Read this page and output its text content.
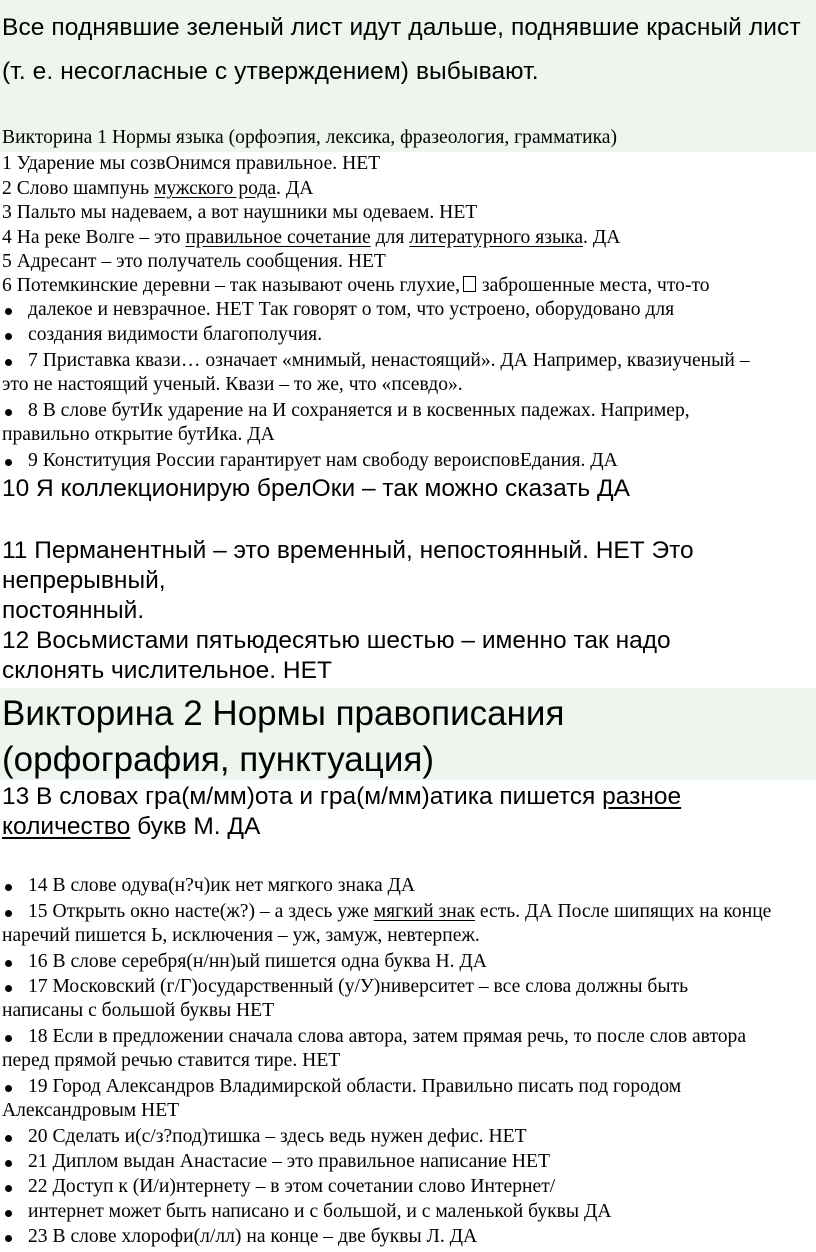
Все поднявшие зеленый лист идут дальше, поднявшие красный лист (т. е. несогласные с утверждением) выбывают.
Викторина 1 Нормы языка (орфоэпия, лексика, фразеология, грамматика)
1 Ударение мы созвОнимся правильное. НЕТ
2 Слово шампунь мужского рода. ДА
3 Пальто мы надеваем, а вот наушники мы одеваем. НЕТ
4 На реке Волге – это правильное сочетание для литературного языка. ДА
5 Адресант – это получатель сообщения. НЕТ
6 Потемкинские деревни – так называют очень глухие, заброшенные места, что-то
далекое и невзрачное. НЕТ Так говорят о том, что устроено, оборудовано для
создания видимости благополучия.
7 Приставка квази… означает «мнимый, ненастоящий». ДА Например, квазиученый –
это не настоящий ученый. Квази – то же, что «псевдо».
8 В слове бутИк ударение на И сохраняется и в косвенных падежах. Например,
правильно открытие бутИка. ДА
9 Конституция России гарантирует нам свободу вероисповЕдания. ДА
10 Я коллекционирую брелОки – так можно сказать ДА
11 Перманентный – это временный, непостоянный. НЕТ Это
непрерывный,
постоянный.
12 Восьмистами пятьюдесятью шестью – именно так надо
склонять числительное. НЕТ
Викторина 2 Нормы правописания
(орфография, пунктуация)
13 В словах гра(м/мм)ота и гра(м/мм)атика пишется разное
количество букв М. ДА
14 В слове одува(н?ч)ик нет мягкого знака ДА
15 Открыть окно насте(ж?) – а здесь уже мягкий знак есть. ДА После шипящих на конце
наречий пишется Ь, исключения – уж, замуж, невтерпеж.
16 В слове серебря(н/нн)ый пишется одна буква Н. ДА
17 Московский (г/Г)осударственный (у/У)ниверситет – все слова должны быть
написаны с большой буквы НЕТ
18 Если в предложении сначала слова автора, затем прямая речь, то после слов автора
перед прямой речью ставится тире. НЕТ
19 Город Александров Владимирской области. Правильно писать под городом
Александровым НЕТ
20 Сделать и(с/з?под)тишка – здесь ведь нужен дефис. НЕТ
21 Диплом выдан Анастасие – это правильное написание НЕТ
22 Доступ к (И/и)нтернету – в этом сочетании слово Интернет/
интернет может быть написано и с большой, и с маленькой буквы ДА
23 В слове хлорофи(л/лл) на конце – две буквы Л. ДА
